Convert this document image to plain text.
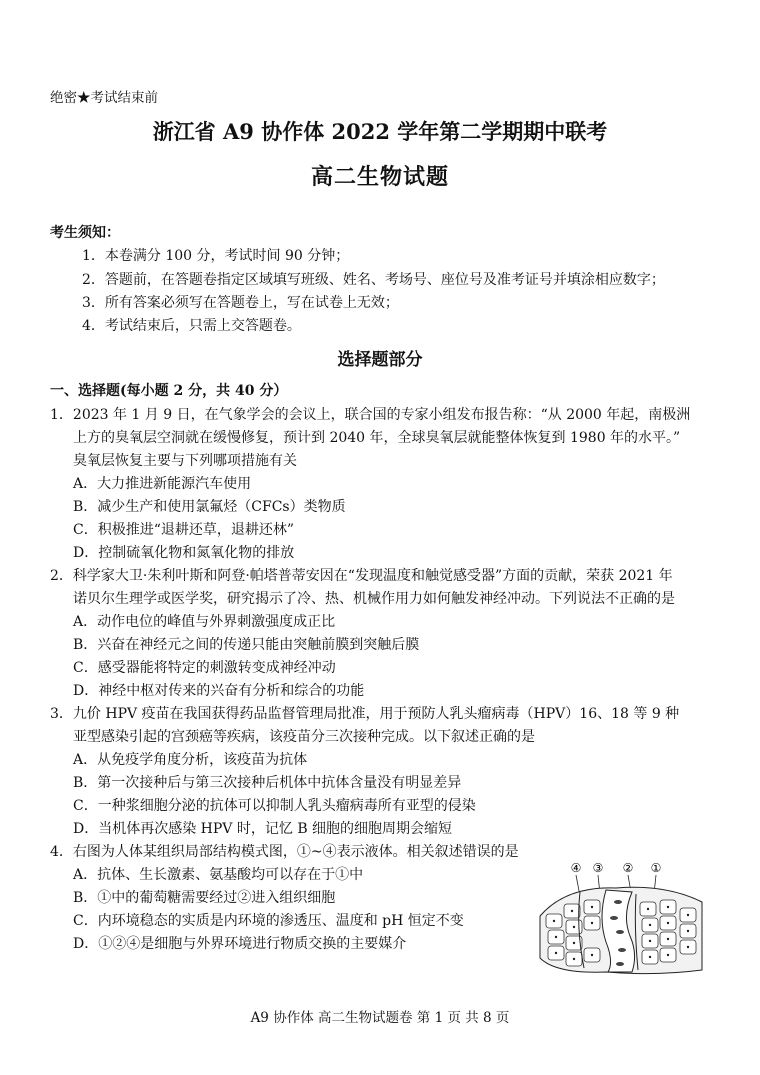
绝密★考试结束前
浙江省 A9 协作体 2022 学年第二学期期中联考
高二生物试题
考生须知：
1．本卷满分 100 分，考试时间 90 分钟；
2．答题前，在答题卷指定区域填写班级、姓名、考场号、座位号及准考证号并填涂相应数字；
3．所有答案必须写在答题卷上，写在试卷上无效；
4．考试结束后，只需上交答题卷。
选择题部分
一、选择题(每小题 2 分，共 40 分）
1．2023 年 1 月 9 日，在气象学会的会议上，联合国的专家小组发布报告称：“从 2000 年起，南极洲
上方的臭氧层空洞就在缓慢修复，预计到 2040 年，全球臭氧层就能整体恢复到 1980 年的水平。”
臭氧层恢复主要与下列哪项措施有关
A．大力推进新能源汽车使用
B．减少生产和使用氯氟烃（CFCs）类物质
C．积极推进“退耕还草，退耕还林”
D．控制硫氧化物和氮氧化物的排放
2．科学家大卫·朱利叶斯和阿登·帕塔普蒂安因在“发现温度和触觉感受器”方面的贡献，荣获 2021 年
诺贝尔生理学或医学奖，研究揭示了冷、热、机械作用力如何触发神经冲动。下列说法不正确的是
A．动作电位的峰值与外界刺激强度成正比
B．兴奋在神经元之间的传递只能由突触前膜到突触后膜
C．感受器能将特定的刺激转变成神经冲动
D．神经中枢对传来的兴奋有分析和综合的功能
3．九价 HPV 疫苗在我国获得药品监督管理局批准，用于预防人乳头瘤病毒（HPV）16、18 等 9 种
亚型感染引起的宫颈癌等疾病，该疫苗分三次接种完成。以下叙述正确的是
A．从免疫学角度分析，该疫苗为抗体
B．第一次接种后与第三次接种后机体中抗体含量没有明显差异
C．一种浆细胞分泌的抗体可以抑制人乳头瘤病毒所有亚型的侵染
D．当机体再次感染 HPV 时，记忆 B 细胞的细胞周期会缩短
4．右图为人体某组织局部结构模式图，①~④表示液体。相关叙述错误的是
A．抗体、生长激素、氨基酸均可以存在于①中
B．①中的葡萄糖需要经过②进入组织细胞
C．内环境稳态的实质是内环境的渗透压、温度和 pH 恒定不变
D．①②④是细胞与外界环境进行物质交换的主要媒介
④ ③ ② ①
A9 协作体 高二生物试题卷 第 1 页 共 8 页
